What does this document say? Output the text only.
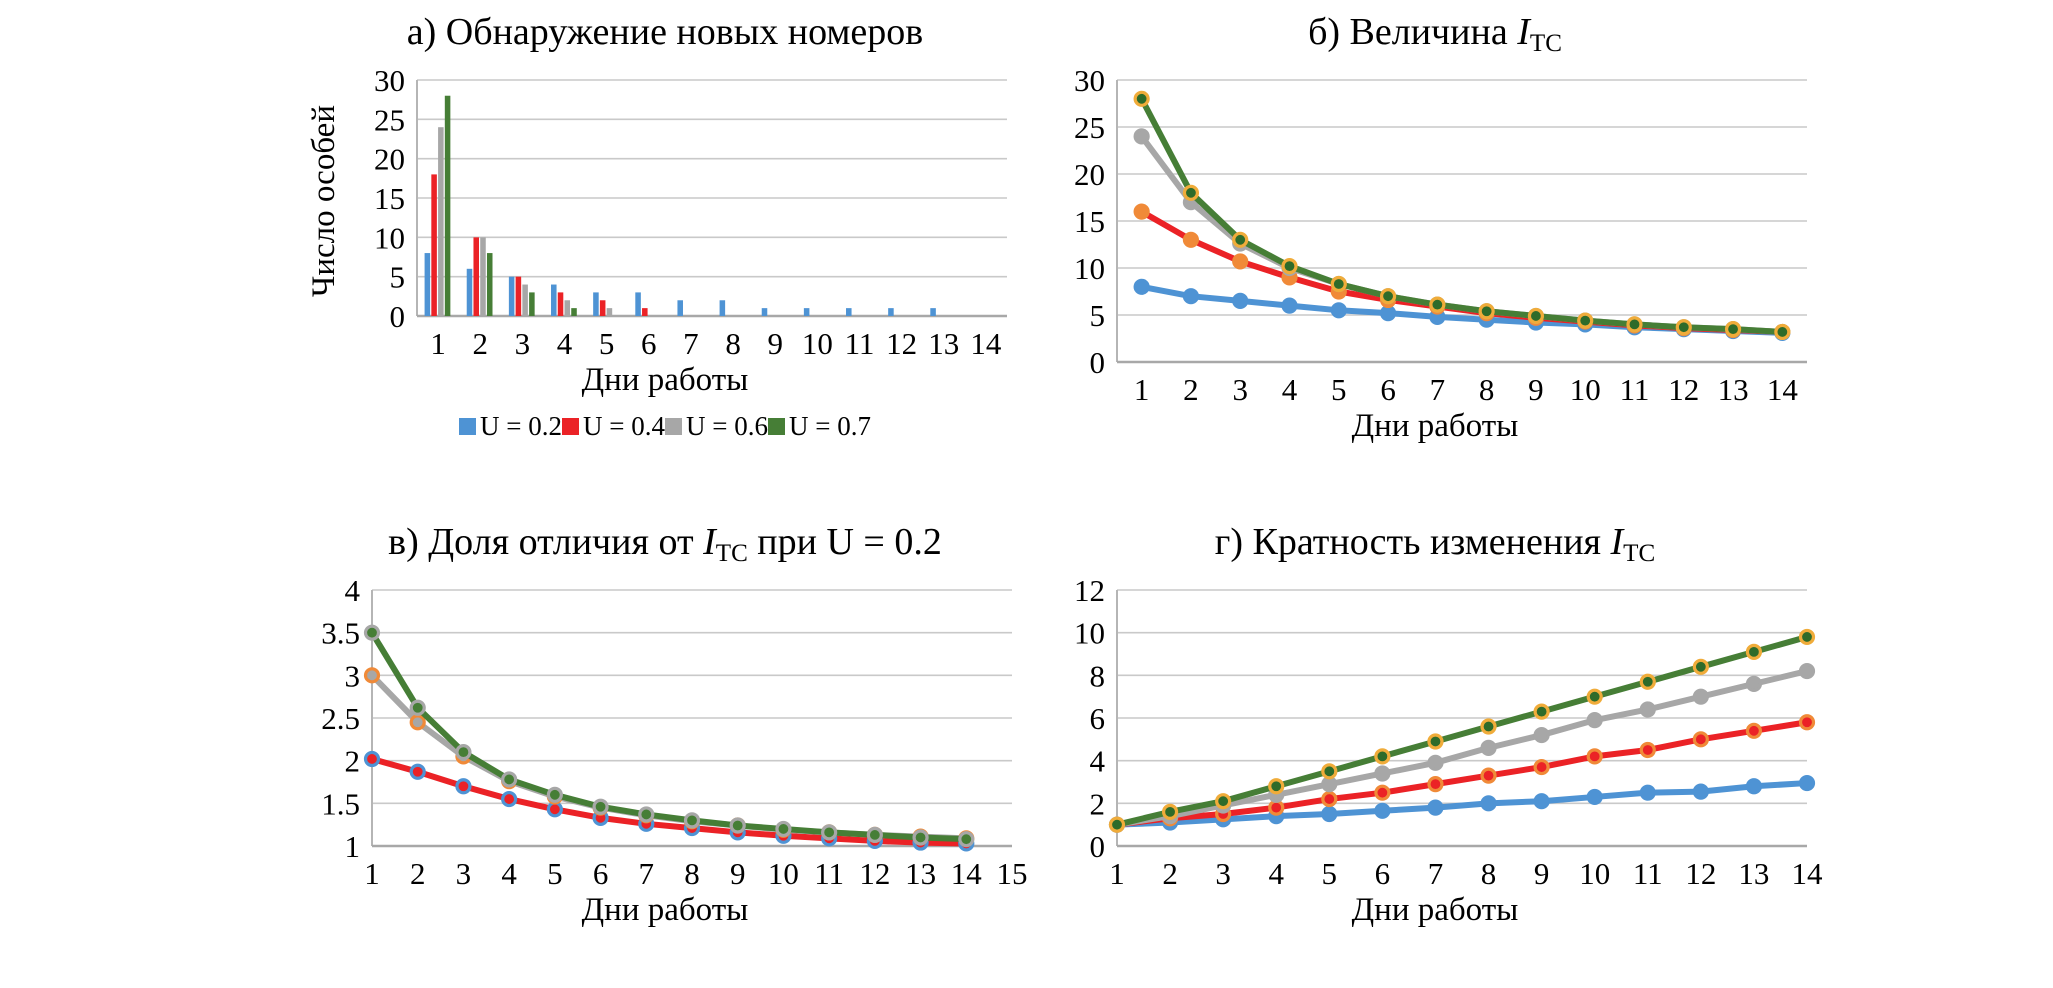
а) Обнаружение новых номеров
Число особей
0
5
10
15
20
25
30
1 2 3 4 5 6 7 8 9 10 11 12 13 14
Дни работы
U = 0.2 U = 0.4 U = 0.6 U = 0.7
б) Величина IТС
0
5
10
15
20
25
30
1 2 3 4 5 6 7 8 9 10 11 12 13 14
Дни работы
в) Доля отличия от IТС при U = 0.2
1
1.5
2
2.5
3
3.5
4
1 2 3 4 5 6 7 8 9 10 11 12 13 14 15
Дни работы
г) Кратность изменения IТС
0
2
4
6
8
10
12
1 2 3 4 5 6 7 8 9 10 11 12 13 14
Дни работы
